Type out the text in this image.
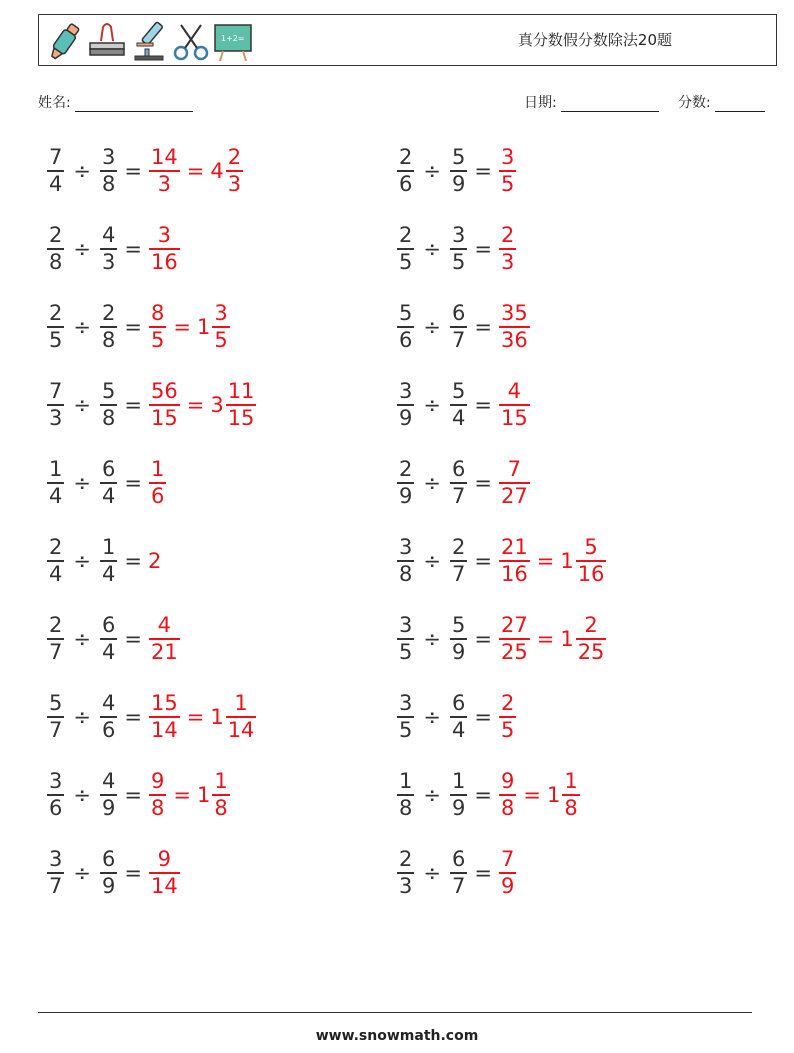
1+2=	真分数假分数除法20题
姓名:	日期:	分数:
$\frac{7}{4} \div \frac{3}{8} = \frac{14}{3} = 4 \frac{2}{3}$
$\frac{2}{8} \div \frac{4}{3} = \frac{3}{16}$
$\frac{2}{5} \div \frac{2}{8} = \frac{8}{5} = 1 \frac{3}{5}$
$\frac{7}{3} \div \frac{5}{8} = \frac{56}{15} = 3 \frac{11}{15}$
$\frac{1}{4} \div \frac{6}{4} = \frac{1}{6}$
$\frac{2}{4} \div \frac{1}{4} = 2$
$\frac{2}{7} \div \frac{6}{4} = \frac{4}{21}$
$\frac{5}{7} \div \frac{4}{6} = \frac{15}{14} = 1 \frac{1}{14}$
$\frac{3}{6} \div \frac{4}{9} = \frac{9}{8} = 1 \frac{1}{8}$
$\frac{3}{7} \div \frac{6}{9} = \frac{9}{14}$
$\frac{2}{6} \div \frac{5}{9} = \frac{3}{5}$
$\frac{2}{5} \div \frac{3}{5} = \frac{2}{3}$
$\frac{5}{6} \div \frac{6}{7} = \frac{35}{36}$
$\frac{3}{9} \div \frac{5}{4} = \frac{4}{15}$
$\frac{2}{9} \div \frac{6}{7} = \frac{7}{27}$
$\frac{3}{8} \div \frac{2}{7} = \frac{21}{16} = 1 \frac{5}{16}$
$\frac{3}{5} \div \frac{5}{9} = \frac{27}{25} = 1 \frac{2}{25}$
$\frac{3}{5} \div \frac{6}{4} = \frac{2}{5}$
$\frac{1}{8} \div \frac{1}{9} = \frac{9}{8} = 1 \frac{1}{8}$
$\frac{2}{3} \div \frac{6}{7} = \frac{7}{9}$
www.snowmath.com
